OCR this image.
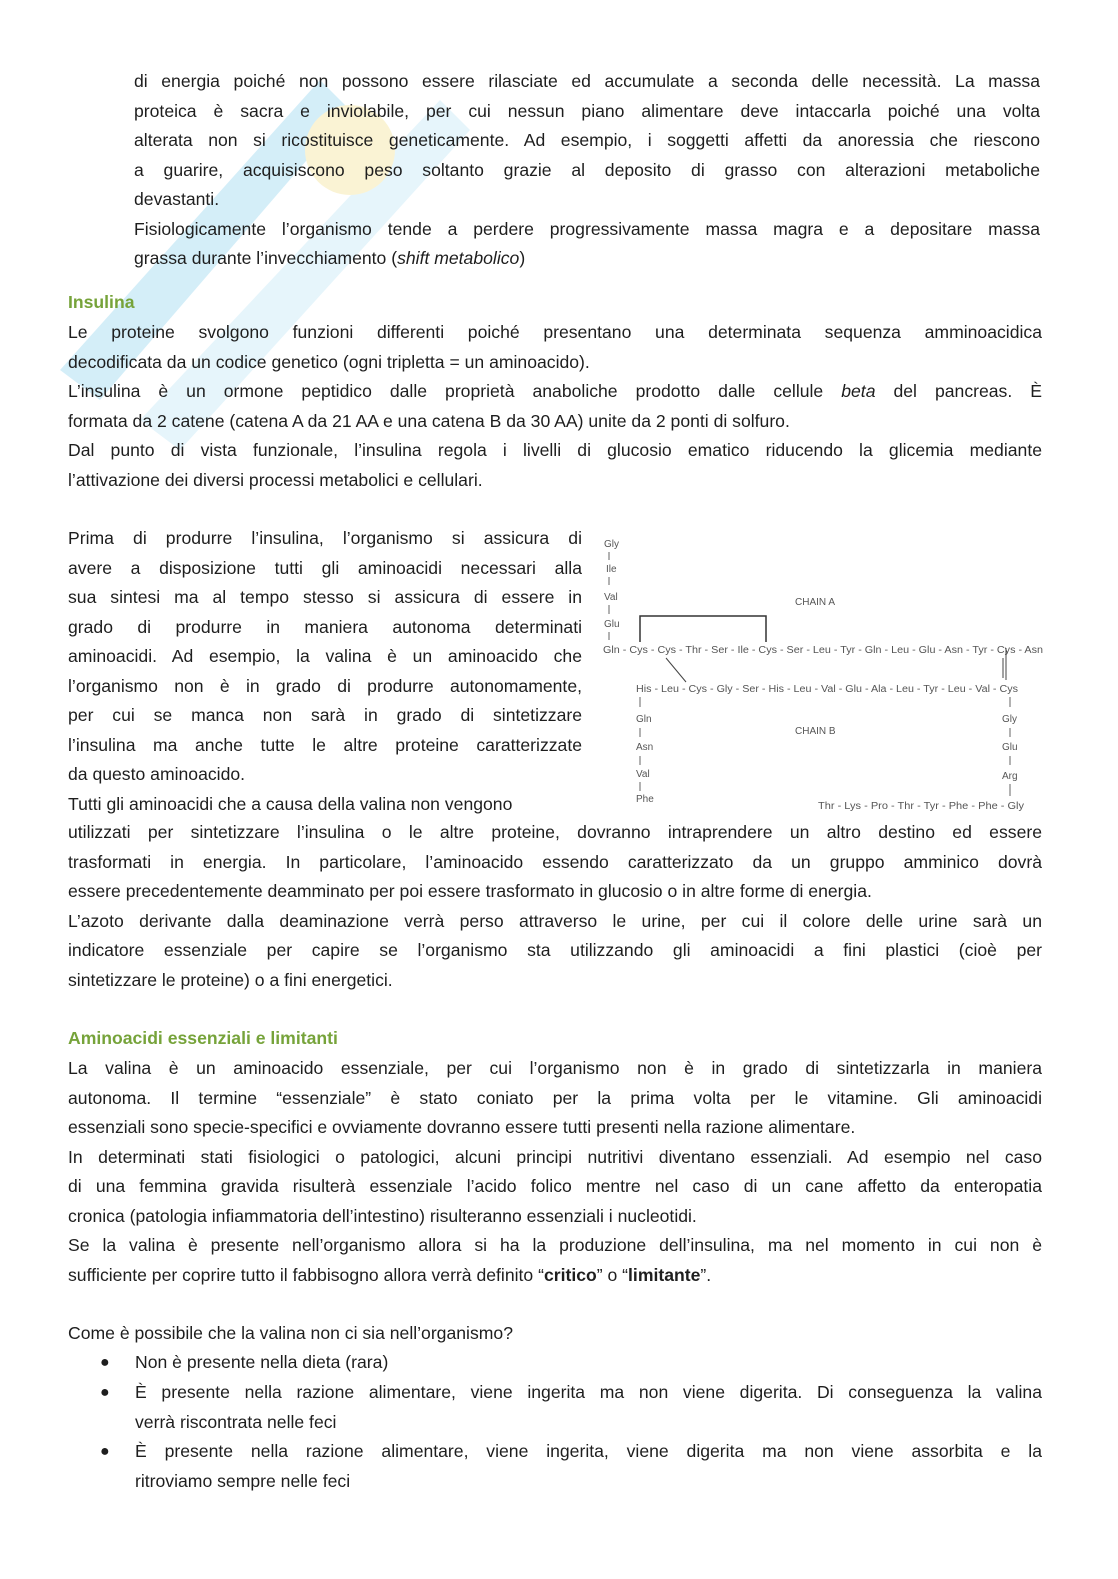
di energia poiché non possono essere rilasciate ed accumulate a seconda delle necessità. La massa
proteica è sacra e inviolabile, per cui nessun piano alimentare deve intaccarla poiché una volta
alterata non si ricostituisce geneticamente. Ad esempio, i soggetti affetti da anoressia che riescono
a guarire, acquisiscono peso soltanto grazie al deposito di grasso con alterazioni metaboliche
devastanti.
Fisiologicamente l’organismo tende a perdere progressivamente massa magra e a depositare massa
grassa durante l’invecchiamento (shift metabolico)
Insulina
Le proteine svolgono funzioni differenti poiché presentano una determinata sequenza amminoacidica
decodificata da un codice genetico (ogni tripletta = un aminoacido).
L’insulina è un ormone peptidico dalle proprietà anaboliche prodotto dalle cellule beta del pancreas. È
formata da 2 catene (catena A da 21 AA e una catena B da 30 AA) unite da 2 ponti di solfuro.
Dal punto di vista funzionale, l’insulina regola i livelli di glucosio ematico riducendo la glicemia mediante
l’attivazione dei diversi processi metabolici e cellulari.
Prima di produrre l’insulina, l’organismo si assicura di
avere a disposizione tutti gli aminoacidi necessari alla
sua sintesi ma al tempo stesso si assicura di essere in
grado di produrre in maniera autonoma determinati
aminoacidi. Ad esempio, la valina è un aminoacido che
l’organismo non è in grado di produrre autonomamente,
per cui se manca non sarà in grado di sintetizzare
l’insulina ma anche tutte le altre proteine caratterizzate
da questo aminoacido.
Tutti gli aminoacidi che a causa della valina non vengono
Gly
Ile
Val
Glu
CHAIN A
Gln - Cys - Cys - Thr - Ser - Ile - Cys - Ser - Leu - Tyr - Gln - Leu - Glu - Asn - Tyr - Cys - Asn
His - Leu - Cys - Gly - Ser - His - Leu - Val - Glu - Ala - Leu - Tyr - Leu - Val - Cys
Gln
Asn
Val
Phe
CHAIN B
Gly
Glu
Arg
Thr - Lys - Pro - Thr - Tyr - Phe - Phe - Gly
utilizzati per sintetizzare l’insulina o le altre proteine, dovranno intraprendere un altro destino ed essere
trasformati in energia. In particolare, l’aminoacido essendo caratterizzato da un gruppo amminico dovrà
essere precedentemente deamminato per poi essere trasformato in glucosio o in altre forme di energia.
L’azoto derivante dalla deaminazione verrà perso attraverso le urine, per cui il colore delle urine sarà un
indicatore essenziale per capire se l’organismo sta utilizzando gli aminoacidi a fini plastici (cioè per
sintetizzare le proteine) o a fini energetici.
Aminoacidi essenziali e limitanti
La valina è un aminoacido essenziale, per cui l’organismo non è in grado di sintetizzarla in maniera
autonoma. Il termine “essenziale” è stato coniato per la prima volta per le vitamine. Gli aminoacidi
essenziali sono specie-specifici e ovviamente dovranno essere tutti presenti nella razione alimentare.
In determinati stati fisiologici o patologici, alcuni principi nutritivi diventano essenziali. Ad esempio nel caso
di una femmina gravida risulterà essenziale l’acido folico mentre nel caso di un cane affetto da enteropatia
cronica (patologia infiammatoria dell’intestino) risulteranno essenziali i nucleotidi.
Se la valina è presente nell’organismo allora si ha la produzione dell’insulina, ma nel momento in cui non è
sufficiente per coprire tutto il fabbisogno allora verrà definito “critico” o “limitante”.
Come è possibile che la valina non ci sia nell’organismo?
● Non è presente nella dieta (rara)
● È presente nella razione alimentare, viene ingerita ma non viene digerita. Di conseguenza la valina
verrà riscontrata nelle feci
● È presente nella razione alimentare, viene ingerita, viene digerita ma non viene assorbita e la
ritroviamo sempre nelle feci
